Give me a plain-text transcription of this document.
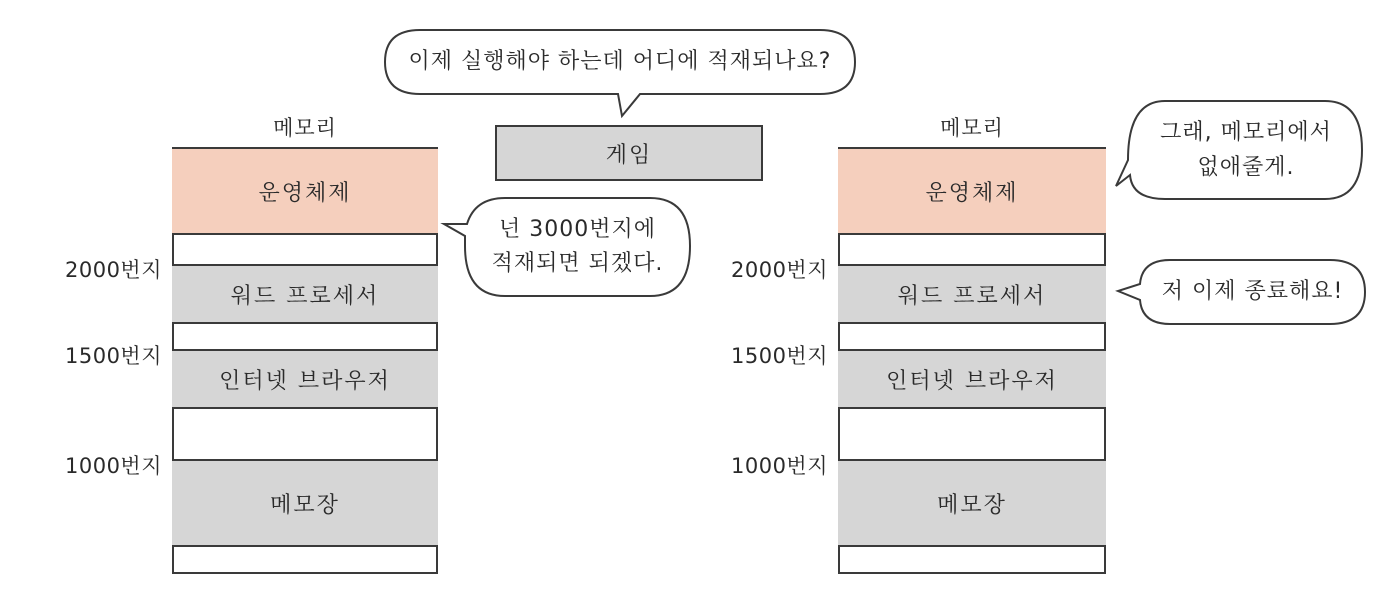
이제 실행해야 하는데 어디에 적재되나요?
넌 3000번지에
적재되면 되겠다.
그래, 메모리에서
없애줄게.
저 이제 종료해요!
게임
메모리
운영체제
워드 프로세서
인터넷 브라우저
메모장
2000번지
1500번지
1000번지
메모리
운영체제
워드 프로세서
인터넷 브라우저
메모장
2000번지
1500번지
1000번지
